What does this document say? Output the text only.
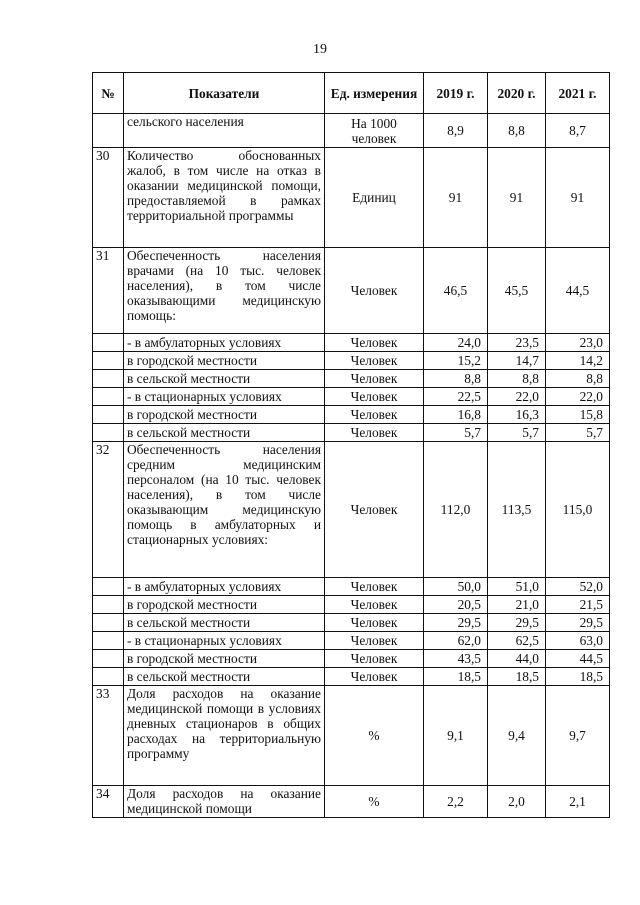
19
№	Показатели	Ед. измерения	2019 г.	2020 г.	2021 г.
	сельского населения	На 1000 человек	8,9	8,8	8,7
30	Количество обоснованных жалоб, в том числе на отказ в оказании медицинской помощи, предоставляемой в рамках территориальной программы	Единиц	91	91	91
31	Обеспеченность населения врачами (на 10 тыс. человек населения), в том числе оказывающими медицинскую помощь:	Человек	46,5	45,5	44,5
	- в амбулаторных условиях	Человек	24,0	23,5	23,0
	в городской местности	Человек	15,2	14,7	14,2
	в сельской местности	Человек	8,8	8,8	8,8
	- в стационарных условиях	Человек	22,5	22,0	22,0
	в городской местности	Человек	16,8	16,3	15,8
	в сельской местности	Человек	5,7	5,7	5,7
32	Обеспеченность населения средним медицинским персоналом (на 10 тыс. человек населения), в том числе оказывающим медицинскую помощь в амбулаторных и стационарных условиях:	Человек	112,0	113,5	115,0
	- в амбулаторных условиях	Человек	50,0	51,0	52,0
	в городской местности	Человек	20,5	21,0	21,5
	в сельской местности	Человек	29,5	29,5	29,5
	- в стационарных условиях	Человек	62,0	62,5	63,0
	в городской местности	Человек	43,5	44,0	44,5
	в сельской местности	Человек	18,5	18,5	18,5
33	Доля расходов на оказание медицинской помощи в условиях дневных стационаров в общих расходах на территориальную программу	%	9,1	9,4	9,7
34	Доля расходов на оказание медицинской помощи	%	2,2	2,0	2,1
